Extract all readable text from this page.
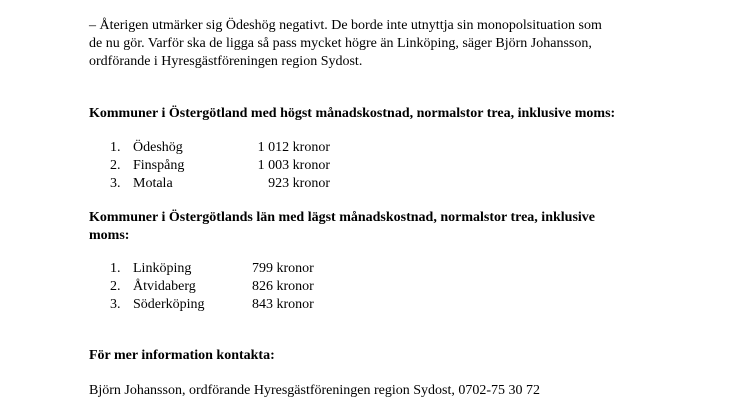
– Återigen utmärker sig Ödeshög negativt. De borde inte utnyttja sin monopolsituation som
de nu gör. Varför ska de ligga så pass mycket högre än Linköping, säger Björn Johansson,
ordförande i Hyresgästföreningen region Sydost.
Kommuner i Östergötland med högst månadskostnad, normalstor trea, inklusive moms:
1. Ödeshög	1 012 kronor
2. Finspång	1 003 kronor
3. Motala	923 kronor
Kommuner i Östergötlands län med lägst månadskostnad, normalstor trea, inklusive
moms:
1. Linköping	799 kronor
2. Åtvidaberg	826 kronor
3. Söderköping	843 kronor
För mer information kontakta:
Björn Johansson, ordförande Hyresgästföreningen region Sydost, 0702-75 30 72
